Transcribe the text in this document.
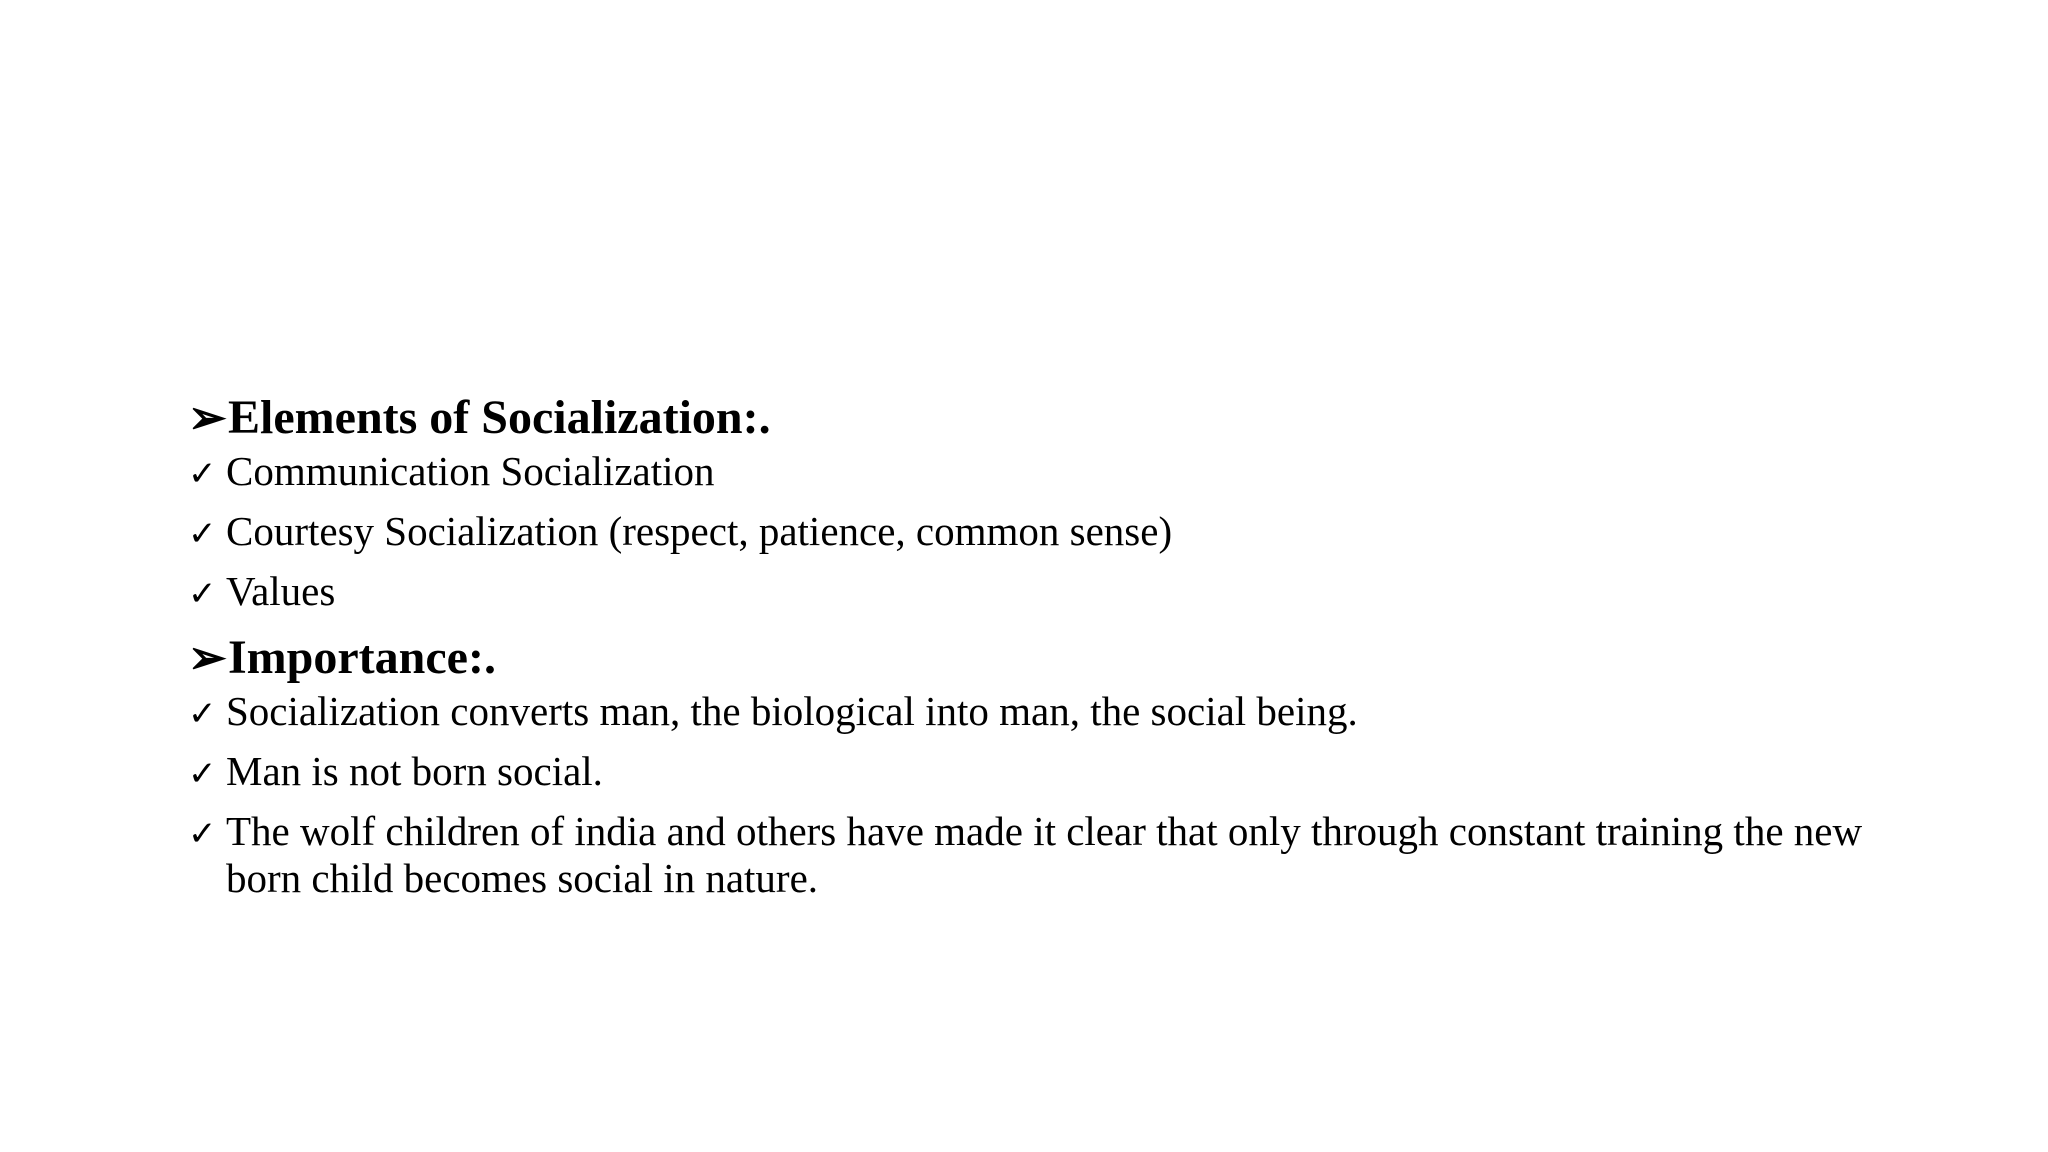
➢ Elements of Socialization:.
✓ Communication Socialization
✓ Courtesy Socialization (respect, patience, common sense)
✓ Values
➢ Importance:.
✓ Socialization converts man, the biological into man, the social being.
✓ Man is not born social.
✓ The wolf children of india and others have made it clear that only through constant training the new born child becomes social in nature.
